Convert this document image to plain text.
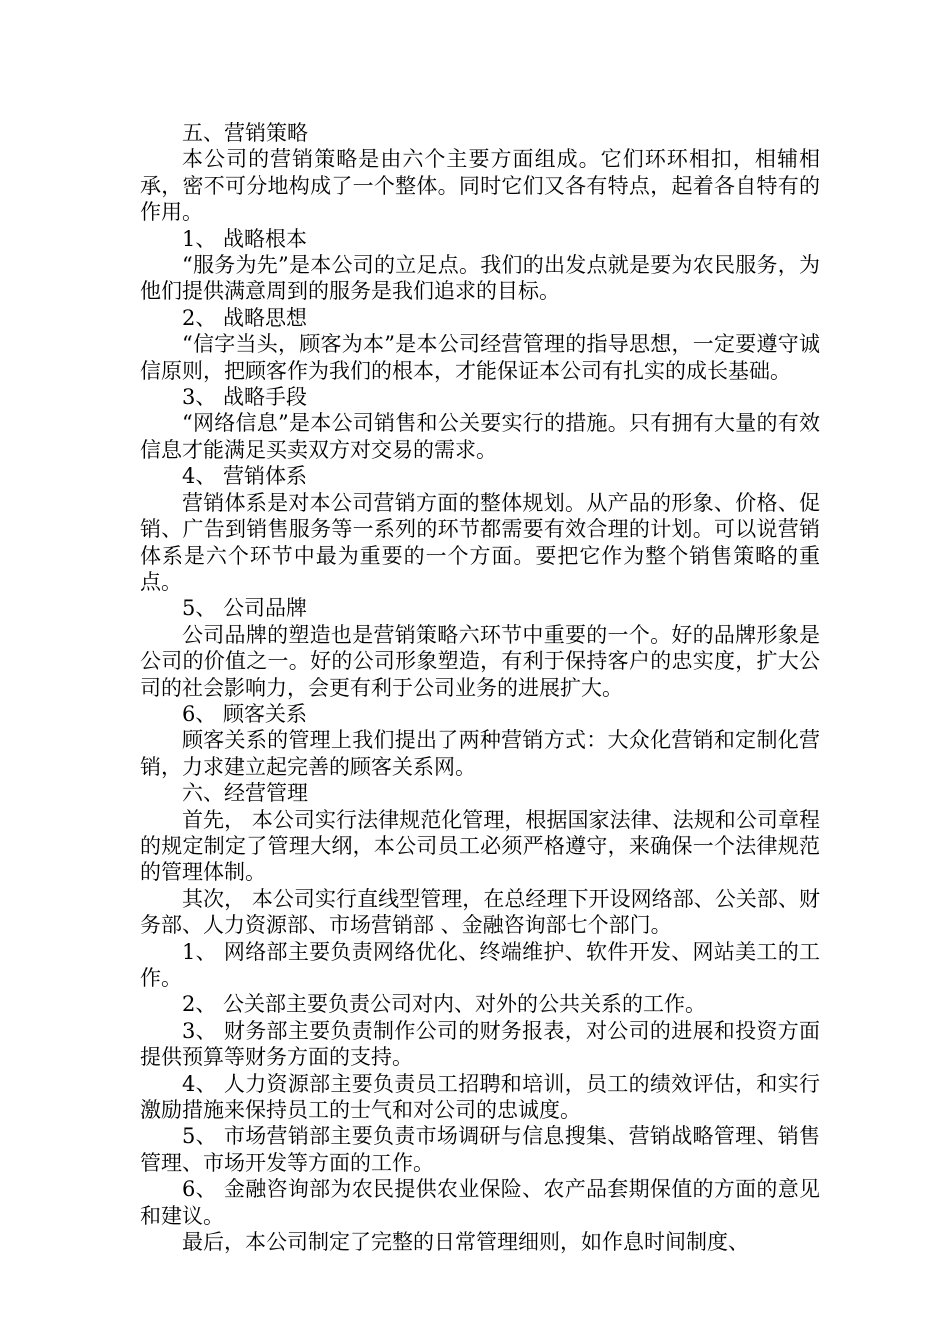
五、营销策略

本公司的营销策略是由六个主要方面组成。它们环环相扣，相辅相承，密不可分地构成了一个整体。同时它们又各有特点，起着各自特有的作用。

1、 战略根本

“服务为先”是本公司的立足点。我们的出发点就是要为农民服务，为他们提供满意周到的服务是我们追求的目标。

2、 战略思想

“信字当头，顾客为本”是本公司经营管理的指导思想，一定要遵守诚信原则，把顾客作为我们的根本，才能保证本公司有扎实的成长基础。

3、 战略手段

“网络信息”是本公司销售和公关要实行的措施。只有拥有大量的有效信息才能满足买卖双方对交易的需求。

4、 营销体系

营销体系是对本公司营销方面的整体规划。从产品的形象、价格、促销、广告到销售服务等一系列的环节都需要有效合理的计划。可以说营销体系是六个环节中最为重要的一个方面。要把它作为整个销售策略的重点。

5、 公司品牌

公司品牌的塑造也是营销策略六环节中重要的一个。好的品牌形象是公司的价值之一。好的公司形象塑造，有利于保持客户的忠实度，扩大公司的社会影响力，会更有利于公司业务的进展扩大。

6、 顾客关系

顾客关系的管理上我们提出了两种营销方式：大众化营销和定制化营销，力求建立起完善的顾客关系网。

六、经营管理

首先， 本公司实行法律规范化管理，根据国家法律、法规和公司章程的规定制定了管理大纲，本公司员工必须严格遵守，来确保一个法律规范的管理体制。

其次， 本公司实行直线型管理，在总经理下开设网络部、公关部、财务部、人力资源部、市场营销部 、金融咨询部七个部门。

1、 网络部主要负责网络优化、终端维护、软件开发、网站美工的工作。

2、 公关部主要负责公司对内、对外的公共关系的工作。

3、 财务部主要负责制作公司的财务报表，对公司的进展和投资方面提供预算等财务方面的支持。

4、 人力资源部主要负责员工招聘和培训，员工的绩效评估，和实行激励措施来保持员工的士气和对公司的忠诚度。

5、 市场营销部主要负责市场调研与信息搜集、营销战略管理、销售管理、市场开发等方面的工作。

6、 金融咨询部为农民提供农业保险、农产品套期保值的方面的意见和建议。

最后，本公司制定了完整的日常管理细则，如作息时间制度、
